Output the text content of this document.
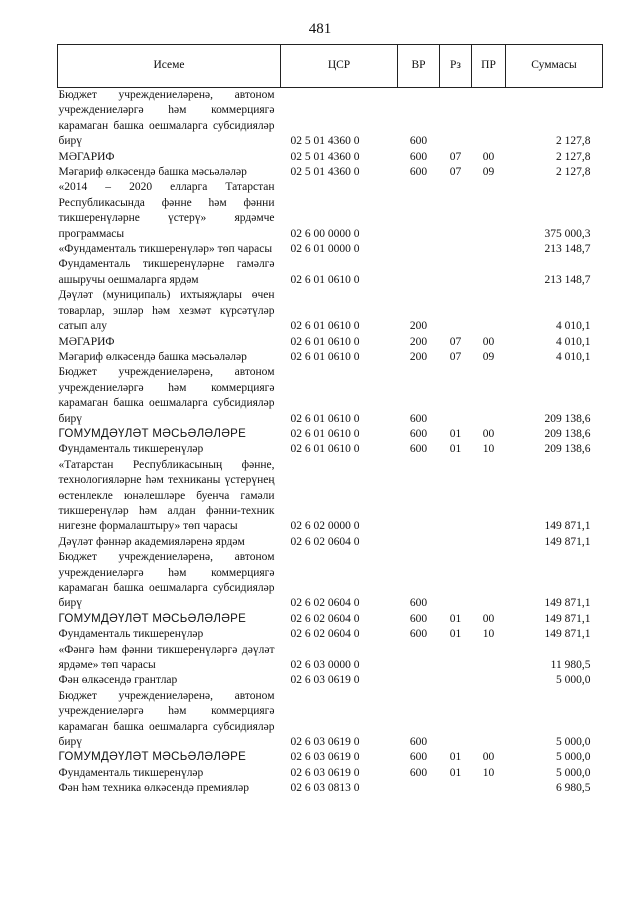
481
Исеме	ЦСР	ВР	Рз	ПР	Суммасы
Бюджет учреждениеләренә, автоном учреждениеләргә һәм коммерциягә карамаган башка оешмаларга субсидияләр бирү	02 5 01 4360 0	600			2 127,8
МӘГАРИФ	02 5 01 4360 0	600	07	00	2 127,8
Мәгариф өлкәсендә башка мәсьәләләр	02 5 01 4360 0	600	07	09	2 127,8
«2014 – 2020 елларга Татарстан Республикасында фәнне һәм фәнни тикшеренүләрне үстерү» ярдәмче программасы	02 6 00 0000 0				375 000,3
«Фундаменталь тикшеренүләр» төп чарасы	02 6 01 0000 0				213 148,7
Фундаменталь тикшеренүләрне гамәлгә ашыручы оешмаларга ярдәм	02 6 01 0610 0				213 148,7
Дәүләт (муниципаль) ихтыяҗлары өчен товарлар, эшләр һәм хезмәт күрсәтүләр сатып алу	02 6 01 0610 0	200			4 010,1
МӘГАРИФ	02 6 01 0610 0	200	07	00	4 010,1
Мәгариф өлкәсендә башка мәсьәләләр	02 6 01 0610 0	200	07	09	4 010,1
Бюджет учреждениеләренә, автоном учреждениеләргә һәм коммерциягә карамаган башка оешмаларга субсидияләр бирү	02 6 01 0610 0	600			209 138,6
ГОМУМДӘҮЛӘТ МӘСЬӘЛӘЛӘРЕ	02 6 01 0610 0	600	01	00	209 138,6
Фундаменталь тикшеренүләр	02 6 01 0610 0	600	01	10	209 138,6
«Татарстан Республикасының фәнне, технологияләрне һәм техниканы үстерүнең өстенлекле юнәлешләре буенча гамәли тикшеренүләр һәм алдан фәнни-техник нигезне формалаштыру» төп чарасы	02 6 02 0000 0				149 871,1
Дәүләт фәннәр академияләренә ярдәм	02 6 02 0604 0				149 871,1
Бюджет учреждениеләренә, автоном учреждениеләргә һәм коммерциягә карамаган башка оешмаларга субсидияләр бирү	02 6 02 0604 0	600			149 871,1
ГОМУМДӘҮЛӘТ МӘСЬӘЛӘЛӘРЕ	02 6 02 0604 0	600	01	00	149 871,1
Фундаменталь тикшеренүләр	02 6 02 0604 0	600	01	10	149 871,1
«Фәнгә һәм фәнни тикшеренүләргә дәүләт ярдәме» төп чарасы	02 6 03 0000 0				11 980,5
Фән өлкәсендә грантлар	02 6 03 0619 0				5 000,0
Бюджет учреждениеләренә, автоном учреждениеләргә һәм коммерциягә карамаган башка оешмаларга субсидияләр бирү	02 6 03 0619 0	600			5 000,0
ГОМУМДӘҮЛӘТ МӘСЬӘЛӘЛӘРЕ	02 6 03 0619 0	600	01	00	5 000,0
Фундаменталь тикшеренүләр	02 6 03 0619 0	600	01	10	5 000,0
Фән һәм техника өлкәсендә премияләр	02 6 03 0813 0				6 980,5
